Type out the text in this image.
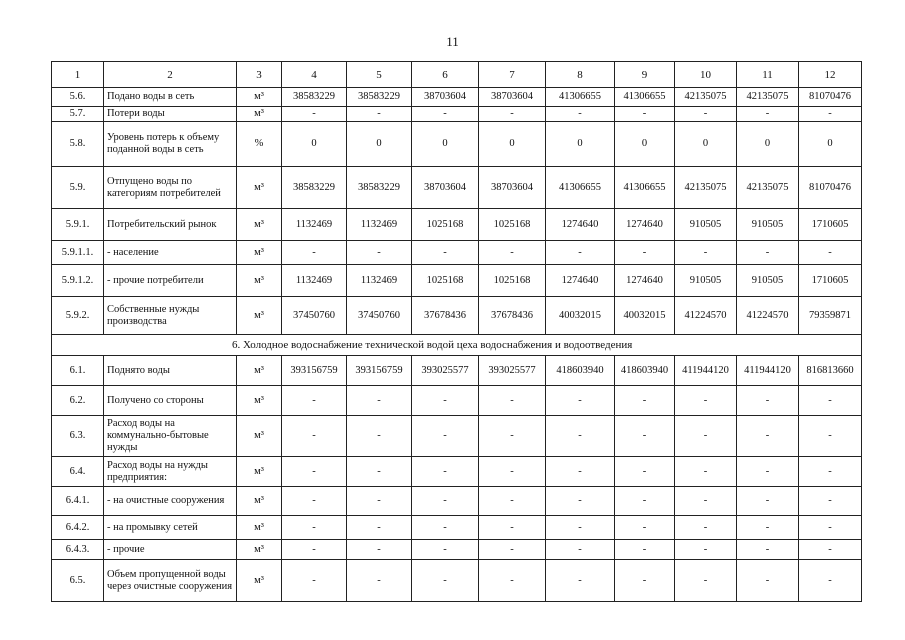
11
1	2	3	4	5	6	7	8	9	10	11	12
5.6.	Подано воды в сеть	м³	38583229	38583229	38703604	38703604	41306655	41306655	42135075	42135075	81070476
5.7.	Потери воды	м³	-	-	-	-	-	-	-	-	-
5.8.	Уровень потерь к объему поданной воды в сеть	%	0	0	0	0	0	0	0	0	0
5.9.	Отпущено воды по категориям потребителей	м³	38583229	38583229	38703604	38703604	41306655	41306655	42135075	42135075	81070476
5.9.1.	Потребительский рынок	м³	1132469	1132469	1025168	1025168	1274640	1274640	910505	910505	1710605
5.9.1.1.	- население	м³	-	-	-	-	-	-	-	-	-
5.9.1.2.	- прочие потребители	м³	1132469	1132469	1025168	1025168	1274640	1274640	910505	910505	1710605
5.9.2.	Собственные нужды производства	м³	37450760	37450760	37678436	37678436	40032015	40032015	41224570	41224570	79359871
6. Холодное водоснабжение технической водой цеха водоснабжения и водоотведения											
6.1.	Поднято воды	м³	393156759	393156759	393025577	393025577	418603940	418603940	411944120	411944120	816813660
6.2.	Получено со стороны	м³	-	-	-	-	-	-	-	-	-
6.3.	Расход воды на коммунально-бытовые нужды	м³	-	-	-	-	-	-	-	-	-
6.4.	Расход воды на нужды предприятия:	м³	-	-	-	-	-	-	-	-	-
6.4.1.	- на очистные сооружения	м³	-	-	-	-	-	-	-	-	-
6.4.2.	- на промывку сетей	м³	-	-	-	-	-	-	-	-	-
6.4.3.	- прочие	м³	-	-	-	-	-	-	-	-	-
6.5.	Объем пропущенной воды через очистные сооружения	м³	-	-	-	-	-	-	-	-	-
